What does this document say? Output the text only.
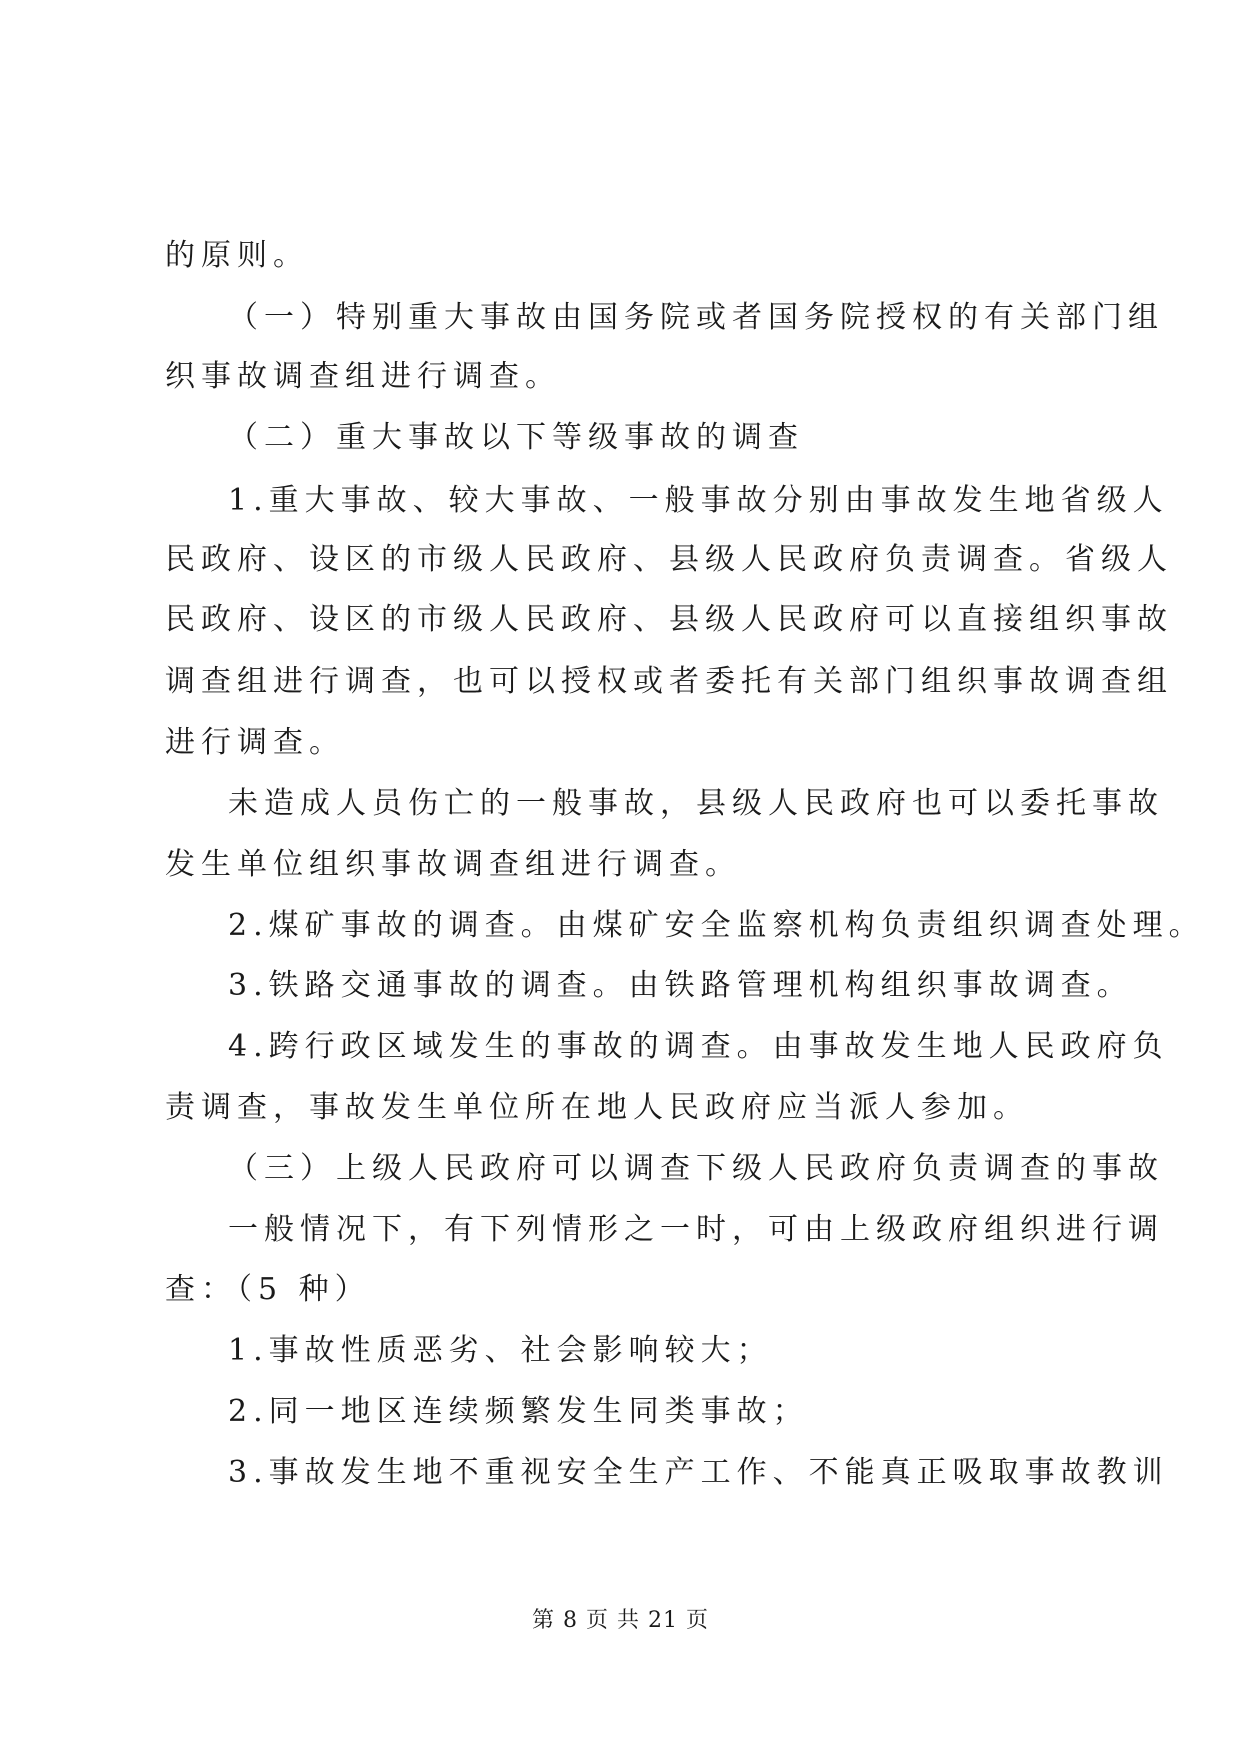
的原则。
（一）特别重大事故由国务院或者国务院授权的有关部门组
织事故调查组进行调查。
（二）重大事故以下等级事故的调查
1.重大事故、较大事故、一般事故分别由事故发生地省级人
民政府、设区的市级人民政府、县级人民政府负责调查。省级人
民政府、设区的市级人民政府、县级人民政府可以直接组织事故
调查组进行调查，也可以授权或者委托有关部门组织事故调查组
进行调查。
未造成人员伤亡的一般事故，县级人民政府也可以委托事故
发生单位组织事故调查组进行调查。
2.煤矿事故的调查。由煤矿安全监察机构负责组织调查处理。
3.铁路交通事故的调查。由铁路管理机构组织事故调查。
4.跨行政区域发生的事故的调查。由事故发生地人民政府负
责调查，事故发生单位所在地人民政府应当派人参加。
（三）上级人民政府可以调查下级人民政府负责调查的事故
一般情况下，有下列情形之一时，可由上级政府组织进行调
查：（5 种）
1.事故性质恶劣、社会影响较大；
2.同一地区连续频繁发生同类事故；
3.事故发生地不重视安全生产工作、不能真正吸取事故教训
第 8 页 共 21 页
